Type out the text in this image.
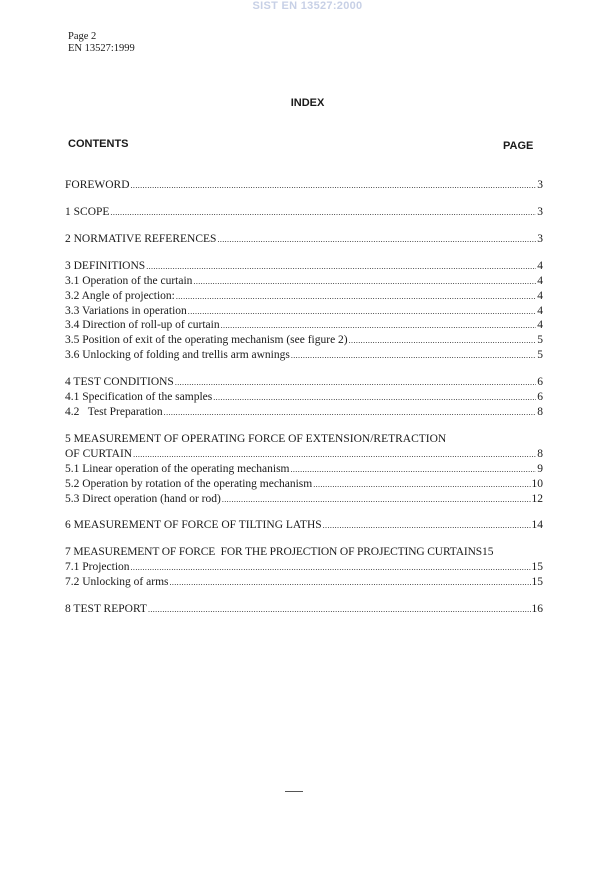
SIST EN 13527:2000
Page 2
EN 13527:1999
INDEX
CONTENTS	PAGE
FOREWORD .....	3
1 SCOPE .....	3
2 NORMATIVE REFERENCES .....	3
3 DEFINITIONS .....	4
3.1 Operation of the curtain .....	4
3.2 Angle of projection: .....	4
3.3 Variations in operation .....	4
3.4 Direction of roll-up of curtain .....	4
3.5 Position of exit of the operating mechanism (see figure 2) .....	5
3.6 Unlocking of folding and trellis arm awnings .....	5
4 TEST CONDITIONS .....	6
4.1 Specification of the samples .....	6
4.2   Test Preparation .....	8
5 MEASUREMENT OF OPERATING FORCE OF EXTENSION/RETRACTION
OF CURTAIN .....	8
5.1 Linear operation of the operating mechanism .....	9
5.2 Operation by rotation of the operating mechanism .....	10
5.3 Direct operation (hand or rod) .....	12
6 MEASUREMENT OF FORCE OF TILTING LATHS .....	14
7 MEASUREMENT OF FORCE  FOR THE PROJECTION OF PROJECTING CURTAINS 15
7.1 Projection .....	15
7.2 Unlocking of arms .....	15
8 TEST REPORT .....	16
